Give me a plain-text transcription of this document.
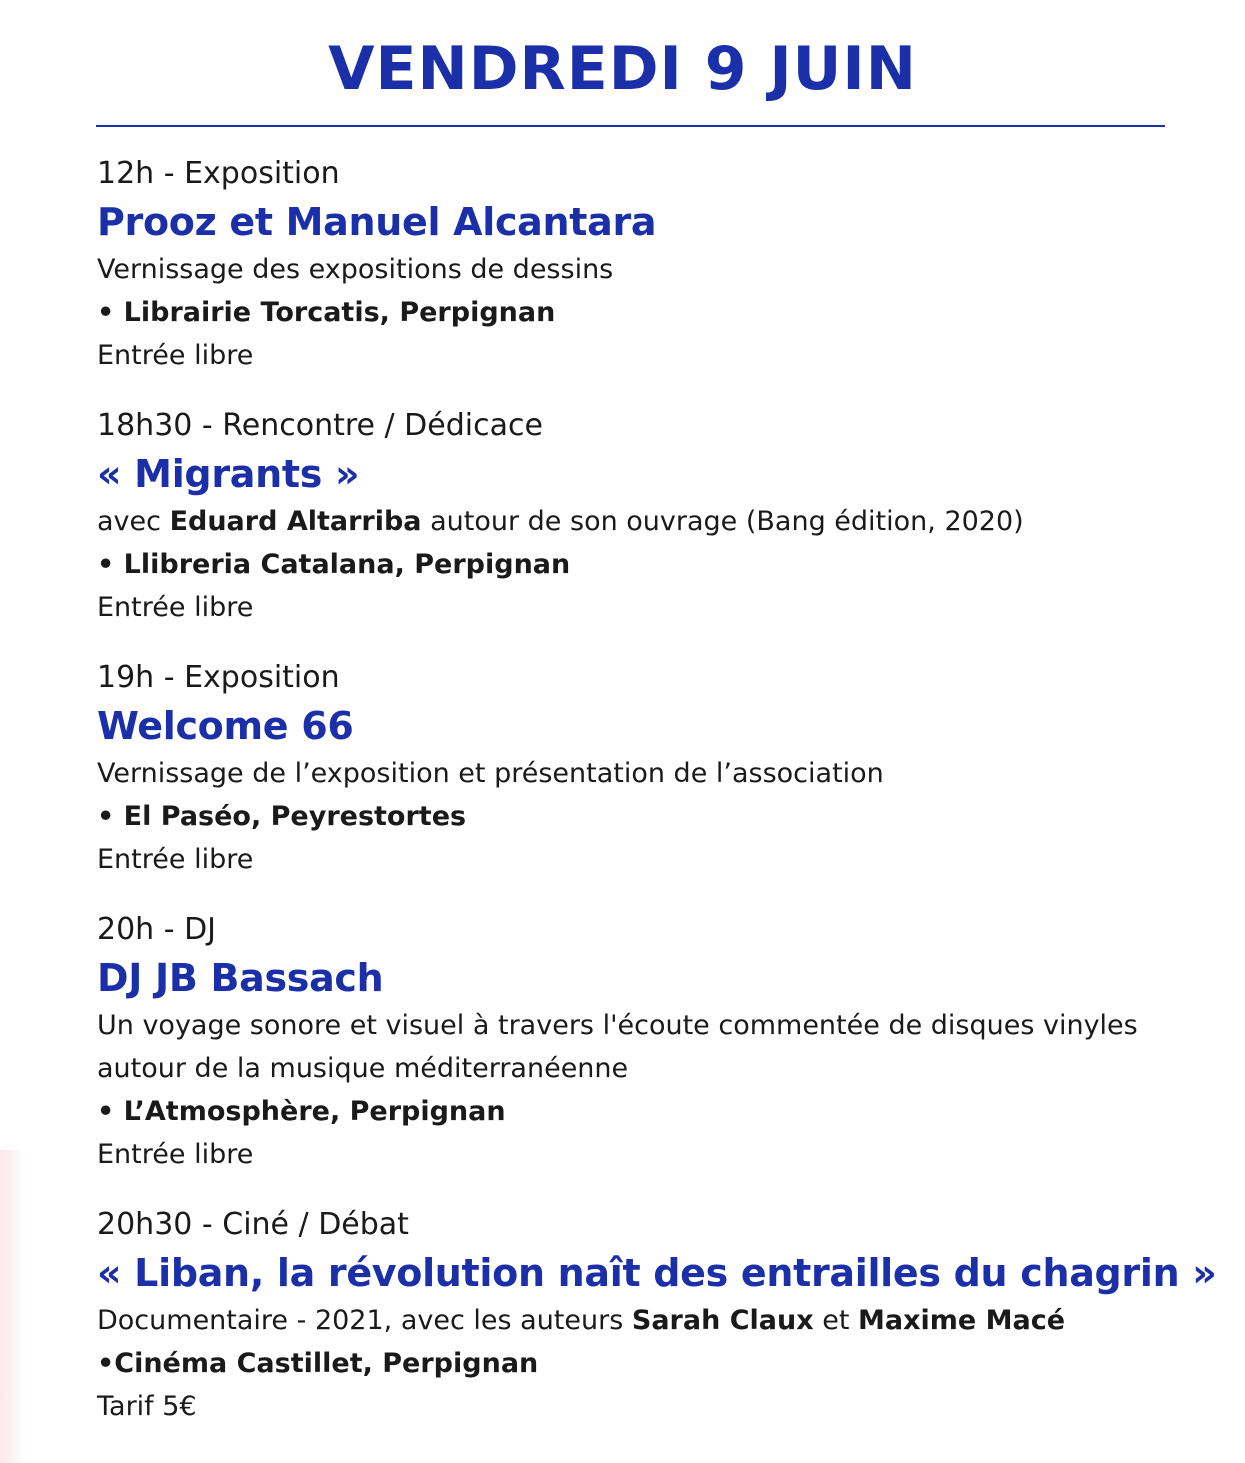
VENDREDI 9 JUIN
12h - Exposition
Prooz et Manuel Alcantara
Vernissage des expositions de dessins
• Librairie Torcatis, Perpignan
Entrée libre
18h30 - Rencontre / Dédicace
« Migrants »
avec Eduard Altarriba autour de son ouvrage (Bang édition, 2020)
• Llibreria Catalana, Perpignan
Entrée libre
19h - Exposition
Welcome 66
Vernissage de l’exposition et présentation de l’association
• El Paséo, Peyrestortes
Entrée libre
20h - DJ
DJ JB Bassach
Un voyage sonore et visuel à travers l'écoute commentée de disques vinyles autour de la musique méditerranéenne
• L’Atmosphère, Perpignan
Entrée libre
20h30 - Ciné / Débat
« Liban, la révolution naît des entrailles du chagrin »
Documentaire - 2021, avec les auteurs Sarah Claux et Maxime Macé
•Cinéma Castillet, Perpignan
Tarif 5€
